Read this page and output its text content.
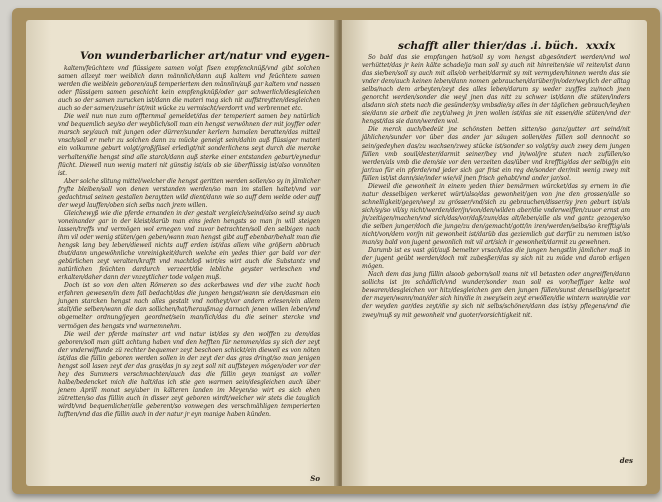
Von wunderbarlicher art/natur vnd eygen-

kaltem/feüchtem vnd flüssigem samen volgt fisen empfencknüß/vnd gibt solchen samen allzeyt mer weiblich dann männlich/dann auß kaltem vnd feüchtem samen werden die weiblein geboren/auß temperiertem den männlin/auß gar kaltem vnd nassen oder flüssigem samen geschicht kein empfengknüß/oder gar schwerlich/desgleichen auch so der samen zurucken ist/dann die materi mag sich nit auffstreytten/desgleichen auch so der samen/zusehr ist/mit wücke zu vermischt/verdorrt vnd verbrennet etc.

Die weil nun nun zum offternmal gemeldet/das der temperiert samen bey natürlich vnd bequemlich sey/so der weyblich/soll man ein hengst verwöhnen der mit joyffer oder marsch sey/auch mit jungen oder dürrer/sunder kerlern hamalen beratten/das mitteil vnsch/soll er mehr zu solchen dann zu mücke geneigt sein/dahin auß flüssiger materi ein volkumne geburt volgt/großjfäsel erledigt/nit sonderlichens seyt durch die mercke verhalten/die hengst sind alle starck/dann auß sterke einer entstanden geburt/eynedur flücht. Diewell nun wenig materi nit günstig ist/als ob sie überflüssig ist/also vonnöten ist.

Aber solche slitung mittel/welcher die hengst geritten werden sollen/so sy in jämlicher fryfte bleiben/soll von denen verstanden werden/so man im stallen haltet/vnd vor gedachtmal seinen gestallen beraytten wild dient/dann wie so auff dem welde oder auff der weyd lauffen/oben sich selbs nach jrem willen.

Gleichewyß wie die pferde ernanden in der gestalt vergleich/seind/also seind sy auch voneinander gar in der kleist/darüb man eins jeden hengsts so man jn will steigen lassen/treffs vnd vermögen wol ernegen vnd zuvor betrachten/soll den selbigen nach ihm vil oder wenig stüten/gen geben/wann man hengst gibt auff ebenbar/behalt man die hengsk lang bey leben/dieweil nichts auff erden ist/das allem vihe größern abbruch thut/dann ungewöhnliche vnreinigkeit/durch welche ein yedes thier gar bald vor der gebürlichen zeyt veralten/krafft vnd machtloß wirt/es wirt auch die Substantz vnd natürlichen feüchten dardurch verzeert/die lebliche geyster verleschen vnd erkalten/daher dann der vnzeytlicher tode volgen muß.

Doch ist so von den alten Römeren so des ackerbawes vnd der vihe zucht hoch erfahren gewesen/in dem fall bedacht/das die jungen hengst/wann sie den/dasman ein jungen starcken hengst nach alles gestalt vnd notheyt/vor andern erlesen/ein allem stalt/die selben/wann die dan sollichen/hat/heraußmag darnach jenen willen leben/vnd obgemelter ordnung/jeyen geordnet/sein man/lich/das du die seiner stercke vnd vermögen des hengsts vnd warnemnehm.

Die weil der pferde mainster art vnd natur ist/das sy den wolffen zu dem/das geboren/soll man gütt achtung haben vnd den hefften für nemmen/das sy sich der zeyt der vnderwiffunde zü rechter bequemer zeyt beschoen schickt/ein dieweil es von nöten ist/das die füllin geboren werden sollen in der zeyt der das gras dringt/so man jenigen hengst soll lasen zeyt der das gras/das jn sy zeyt soll nit auffsteyen mögen/oder vor der hey des Summers verschmachten/auch das die füllin geyn manigst an voller halbe/bedencket mich die halt/das ich stie gen warmen sein/desgleichen auch über jenem Aprill monat sey/aber in kälteren landen im Meyen/so wirt es sich ehen zütretten/so das füllin auch in disser zeyt geboren wirdt/welcher wir stets die tauglich wirdt/vnd bequemlicher/alle geberent/so vonwegen des verschmähligen temperierten lufften/vnd das die füllin auch in der natur jr eyn manige haben künden.

So
schafft aller thier/das .i. büch. xxxix

So bald das sie empfangen hat/soll sy vom hengst abgesöndert werden/vnd wol verhüttet/das jr kein kälte schade/ja man soll sy auch nit hinreiten/sie vil reiten/ist dann das sie/ben/soll sy auch mit alls/ob verheit/darmit sy mit vermyden/hinnen werdn das sie vnder dem/auch keinen leben/dann nomen gebrauchen/darüber/jn/oder/weylich der alltag selbs/nach dem arbeyten/zeyt des alles leben/darum sy weder zuyffes zu/noch jnen genorcht werden/sonder die weyl jnen das nitt zu schwer ist/dann die stüten/inders alsdann sich stets nach die gesünder/sy vmbsdie/sy alles in der täglichen gebrauch/leyhen sie/dann sie arbeit die zeyt/alweg jn jren wollen ist/das sie nit essen/die stüten/vnd der hengst/das sie dann/werden wol.

Die merck auch/bedeüt jne schönsten betten sitten/so ganz/gutter art seind/nit jählichen/sunder vor über das ander jar säugen sollen/des füllen soll dennocht so sein/gedeyhen das/zu wachsen/zwey stücke ist/sonder so volgt/sy auch zwey dem jungen füllen vmb souil/dester/darmit seiner/bey vnd jn/wol/jre stuten nach zufüllen/so werden/als vmb die dem/sie vor den verzeiten das/über vnd krefftig/das der selbig/jn ein jar/zuo für ein pferde/vnd jeder sich gar frist ein reg de/sonder der/mit wenig zwey mit füllen ist/ist dann/sie/inder wie/vil jnen frisch gehabt/vnd ander jar/sol.

Dieweil die gewonheit in einem yeden thier bemärmen würcket/das sy ernem in die natur desselbigen verkeret würt/also/das gewonheit/gen von jne den grossen/alle so schnelligkeit/gegen/weyl zu grösser/vnd/sich zu gebrauchen/disser/sy jren geburt ist/als sich/sy/so vil/sy nicht/werden/der/jn/von/den/wilden aber/die vnderweiffen/zuuor ernst am jn/zeitigen/machen/vnd sich/das/vor/daß/zum/das alt/leben/alle als vnd gantz gezogen/so die selben junger/doch die junge/zu den/gemacht/gott/in iren/werden/selbs/so krefftig/als nicht/von/dem vor/jn nit gewonheit ist/darüb das geziemlich gut darfür zu nemmen ist/so man/sy bald von jugent gewonlich mit vil art/sich ir gewonheit/darmit zu gewehnen.

Darumb ist es vast güt/auß bemelter vrsach/das die jungen hengstlin jämlicher maß in der jugent geübt werden/doch mit zubesßer/das sy sich nit zu müde vnd darob erligen mögen.

Nach dem das jung füllin alsoob geborn/soll mans nit vil betasten oder angreiffen/dann sollichs ist jm schädlich/vnd wunder/sonder man soll es vor/heffiger kelte wol bewaren/desgleichen vor hitz/desgleichen gen den jungen füllen/sunst denselbig/gesetzt der mayen/wann/man/der sich hin/die in zwey/sein zeyt erwöllen/die wintern wann/die vor der weyden gar/des zeyt/die sy sich nit selbs/schönen/dann das ist/sy pflegens/vnd die zwey/muß sy mit gewonheit vnd guoter/vorsichtigkeit nit.

des
